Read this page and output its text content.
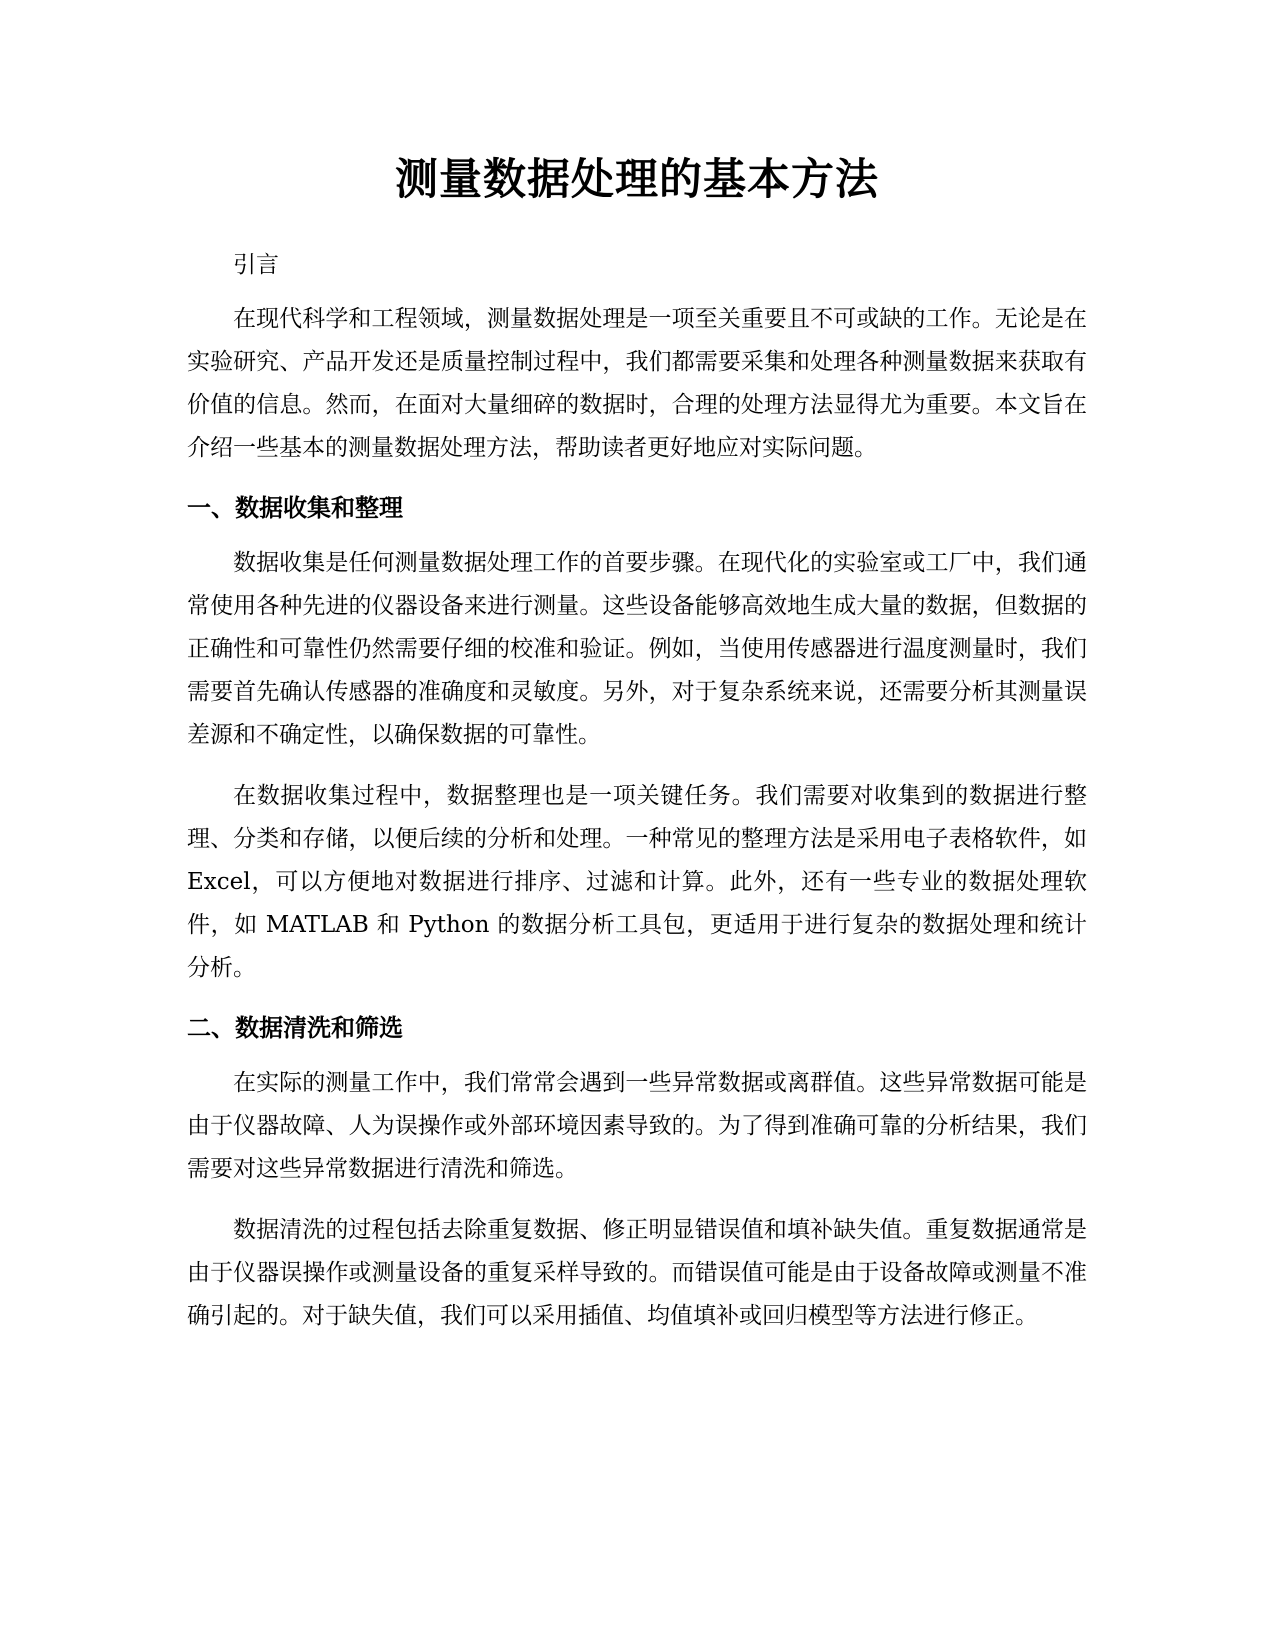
测量数据处理的基本方法

引言

在现代科学和工程领域，测量数据处理是一项至关重要且不可或缺的工作。无论是在实验研究、产品开发还是质量控制过程中，我们都需要采集和处理各种测量数据来获取有价值的信息。然而，在面对大量细碎的数据时，合理的处理方法显得尤为重要。本文旨在介绍一些基本的测量数据处理方法，帮助读者更好地应对实际问题。

一、数据收集和整理

数据收集是任何测量数据处理工作的首要步骤。在现代化的实验室或工厂中，我们通常使用各种先进的仪器设备来进行测量。这些设备能够高效地生成大量的数据，但数据的正确性和可靠性仍然需要仔细的校准和验证。例如，当使用传感器进行温度测量时，我们需要首先确认传感器的准确度和灵敏度。另外，对于复杂系统来说，还需要分析其测量误差源和不确定性，以确保数据的可靠性。

在数据收集过程中，数据整理也是一项关键任务。我们需要对收集到的数据进行整理、分类和存储，以便后续的分析和处理。一种常见的整理方法是采用电子表格软件，如 Excel，可以方便地对数据进行排序、过滤和计算。此外，还有一些专业的数据处理软件，如 MATLAB 和 Python 的数据分析工具包，更适用于进行复杂的数据处理和统计分析。

二、数据清洗和筛选

在实际的测量工作中，我们常常会遇到一些异常数据或离群值。这些异常数据可能是由于仪器故障、人为误操作或外部环境因素导致的。为了得到准确可靠的分析结果，我们需要对这些异常数据进行清洗和筛选。

数据清洗的过程包括去除重复数据、修正明显错误值和填补缺失值。重复数据通常是由于仪器误操作或测量设备的重复采样导致的。而错误值可能是由于设备故障或测量不准确引起的。对于缺失值，我们可以采用插值、均值填补或回归模型等方法进行修正。
